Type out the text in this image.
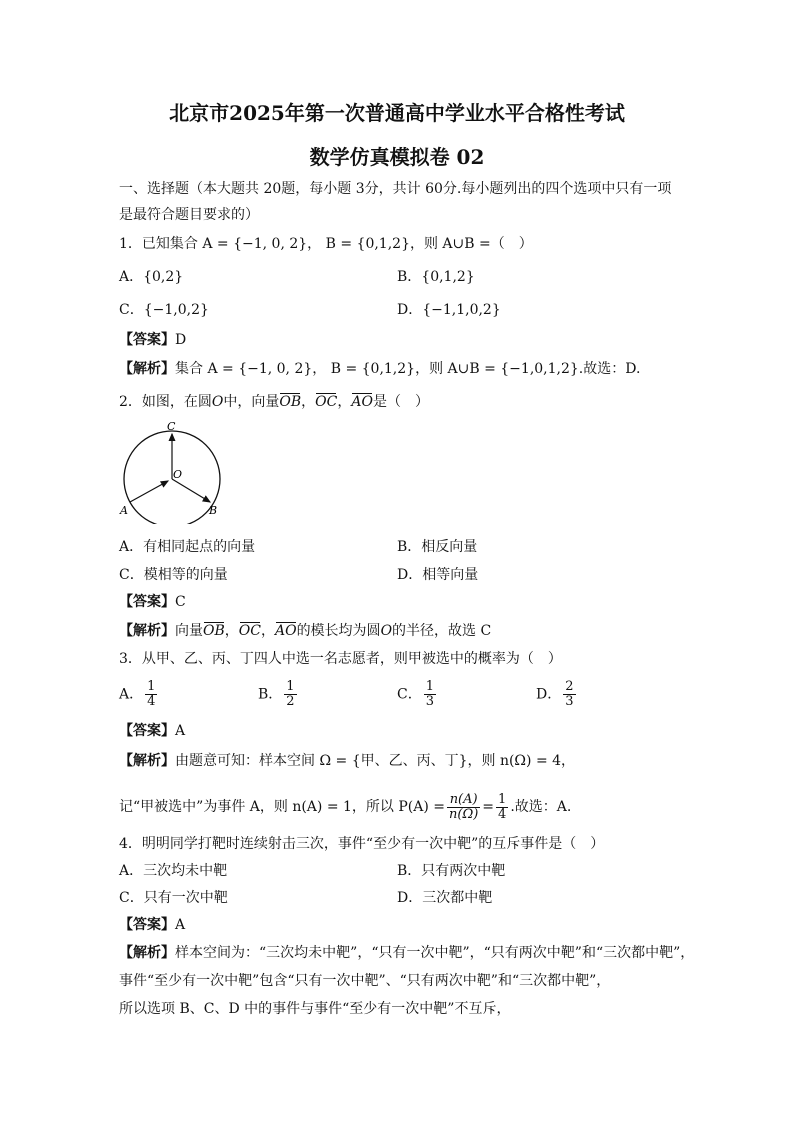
北京市2025年第一次普通高中学业水平合格性考试
数学仿真模拟卷 02
一、选择题（本大题共 20题，每小题 3分，共计 60分.每小题列出的四个选项中只有一项
是最符合题目要求的）
1．已知集合 A = {−1, 0, 2}， B = {0,1,2}，则 A∪B =（　）
A．{0,2}	B．{0,1,2}
C．{−1,0,2}	D．{−1,1,0,2}
【答案】D
【解析】集合 A = {−1, 0, 2}， B = {0,1,2}，则 A∪B = {−1,0,1,2}.故选：D.
2．如图，在圆O中，向量OB，OC，AO是（　）
C
O
A	B
A．有相同起点的向量	B．相反向量
C．模相等的向量	D．相等向量
【答案】C
【解析】向量OB，OC，AO的模长均为圆O的半径，故选 C
3．从甲、乙、丙、丁四人中选一名志愿者，则甲被选中的概率为（　）
A． $\frac{1}{4}$	B． $\frac{1}{2}$	C． $\frac{1}{3}$	D． $\frac{2}{3}$
【答案】A
【解析】由题意可知：样本空间 Ω = {甲、乙、丙、丁}，则 n(Ω) = 4，
记“甲被选中”为事件 A，则 n(A) = 1，所以 $P(A) = \frac{n(A)}{n(\Omega)} = \frac{1}{4}$ .故选：A.
4．明明同学打靶时连续射击三次，事件“至少有一次中靶”的互斥事件是（　）
A．三次均未中靶	B．只有两次中靶
C．只有一次中靶	D．三次都中靶
【答案】A
【解析】样本空间为：“三次均未中靶”，“只有一次中靶”，“只有两次中靶”和“三次都中靶”，
事件“至少有一次中靶”包含“只有一次中靶”、“只有两次中靶”和“三次都中靶”，
所以选项 B、C、D 中的事件与事件“至少有一次中靶”不互斥，
